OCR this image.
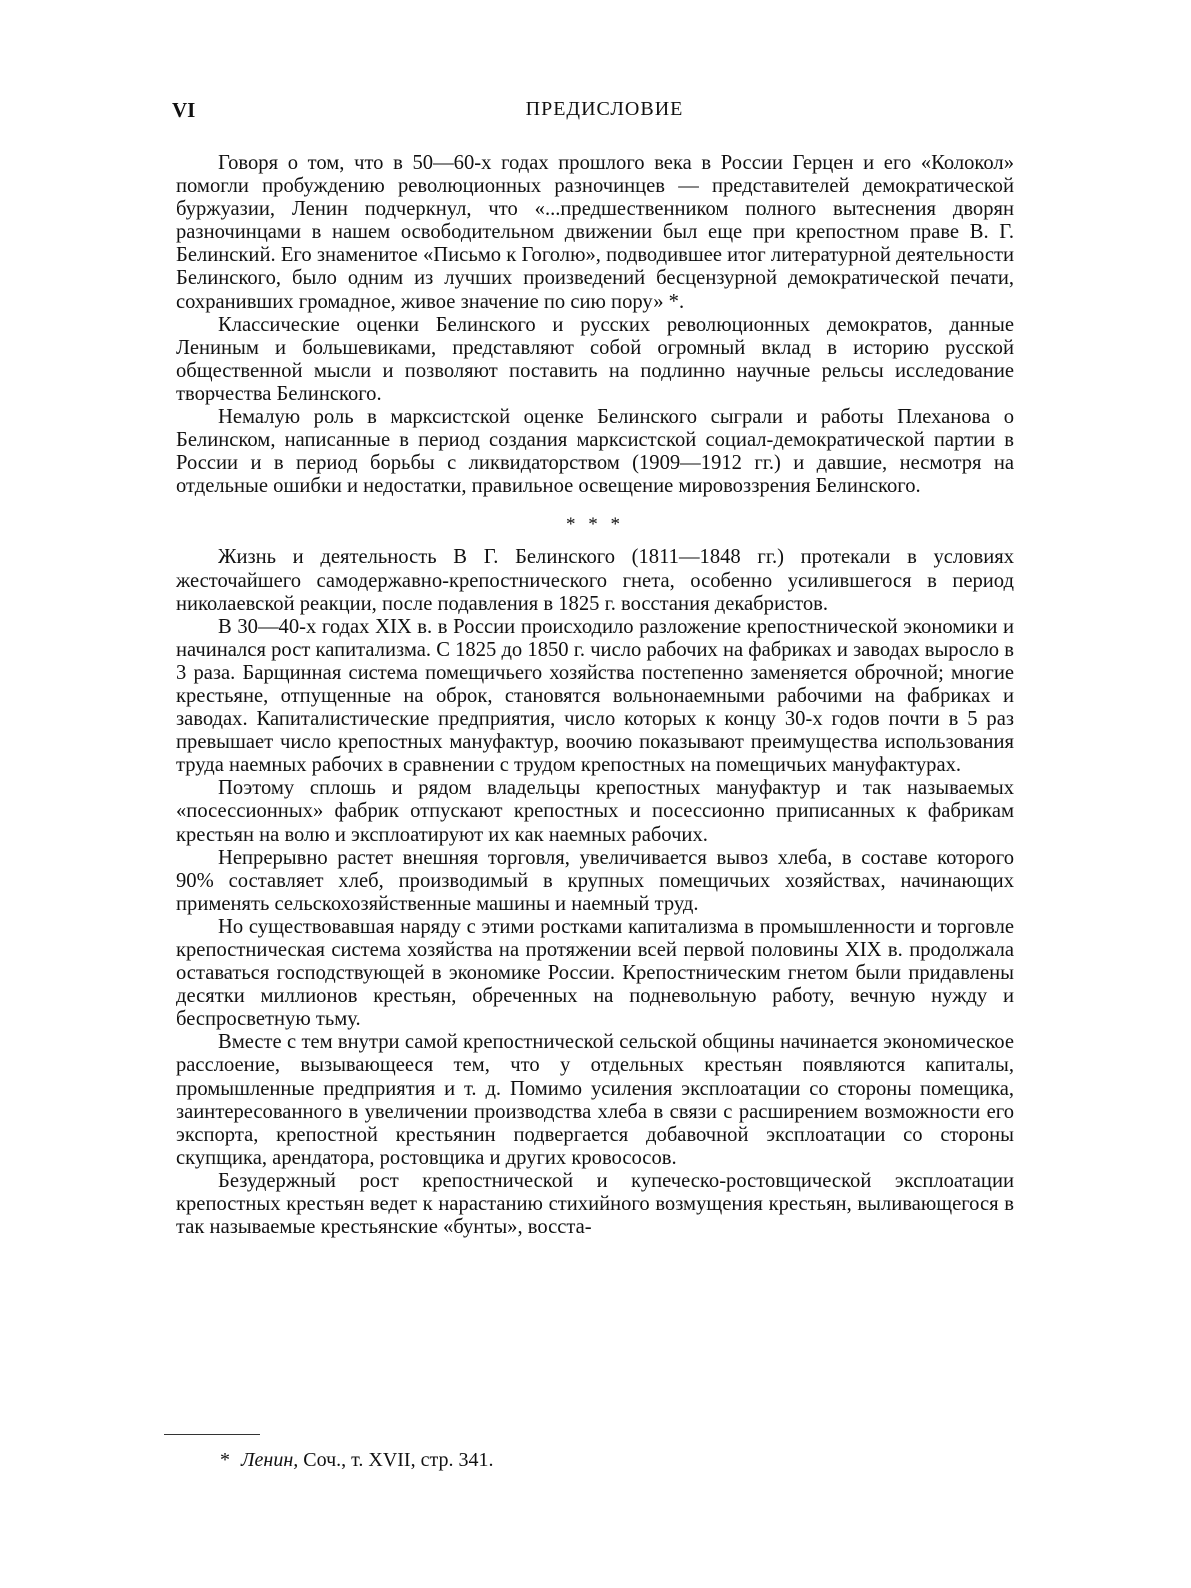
VI	ПРЕДИСЛОВИЕ

Говоря о том, что в 50—60-х годах прошлого века в России Герцен и его «Колокол» помогли пробуждению революционных разночинцев — представителей демократической буржуазии, Ленин подчеркнул, что «...предшественником полного вытеснения дворян разночинцами в нашем освободительном движении был еще при крепостном праве В. Г. Белинский. Его знаменитое «Письмо к Гоголю», подводившее итог литературной деятельности Белинского, было одним из лучших произведений бесцензурной демократической печати, сохранивших громадное, живое значение по сию пору» *.

Классические оценки Белинского и русских революционных демократов, данные Лениным и большевиками, представляют собой огромный вклад в историю русской общественной мысли и позволяют поставить на подлинно научные рельсы исследование творчества Белинского.

Немалую роль в марксистской оценке Белинского сыграли и работы Плеханова о Белинском, написанные в период создания марксистской социал-демократической партии в России и в период борьбы с ликвидаторством (1909—1912 гг.) и давшие, несмотря на отдельные ошибки и недостатки, правильное освещение мировоззрения Белинского.

* * *

Жизнь и деятельность В Г. Белинского (1811—1848 гг.) протекали в условиях жесточайшего самодержавно-крепостнического гнета, особенно усилившегося в период николаевской реакции, после подавления в 1825 г. восстания декабристов.

В 30—40-х годах XIX в. в России происходило разложение крепостнической экономики и начинался рост капитализма. С 1825 до 1850 г. число рабочих на фабриках и заводах выросло в 3 раза. Барщинная система помещичьего хозяйства постепенно заменяется оброчной; многие крестьяне, отпущенные на оброк, становятся вольнонаемными рабочими на фабриках и заводах. Капиталистические предприятия, число которых к концу 30-х годов почти в 5 раз превышает число крепостных мануфактур, воочию показывают преимущества использования труда наемных рабочих в сравнении с трудом крепостных на помещичьих мануфактурах.

Поэтому сплошь и рядом владельцы крепостных мануфактур и так называемых «посессионных» фабрик отпускают крепостных и посессионно приписанных к фабрикам крестьян на волю и эксплоатируют их как наемных рабочих.

Непрерывно растет внешняя торговля, увеличивается вывоз хлеба, в составе которого 90% составляет хлеб, производимый в крупных помещичьих хозяйствах, начинающих применять сельскохозяйственные машины и наемный труд.

Но существовавшая наряду с этими ростками капитализма в промышленности и торговле крепостническая система хозяйства на протяжении всей первой половины XIX в. продолжала оставаться господствующей в экономике России. Крепостническим гнетом были придавлены десятки миллионов крестьян, обреченных на подневольную работу, вечную нужду и беспросветную тьму.

Вместе с тем внутри самой крепостнической сельской общины начинается экономическое расслоение, вызывающееся тем, что у отдельных крестьян появляются капиталы, промышленные предприятия и т. д. Помимо усиления эксплоатации со стороны помещика, заинтересованного в увеличении производства хлеба в связи с расширением возможности его экспорта, крепостной крестьянин подвергается добавочной эксплоатации со стороны скупщика, арендатора, ростовщика и других кровососов.

Безудержный рост крепостнической и купеческо-ростовщической эксплоатации крепостных крестьян ведет к нарастанию стихийного возмущения крестьян, выливающегося в так называемые крестьянские «бунты», восста-

* Ленин, Соч., т. XVII, стр. 341.
